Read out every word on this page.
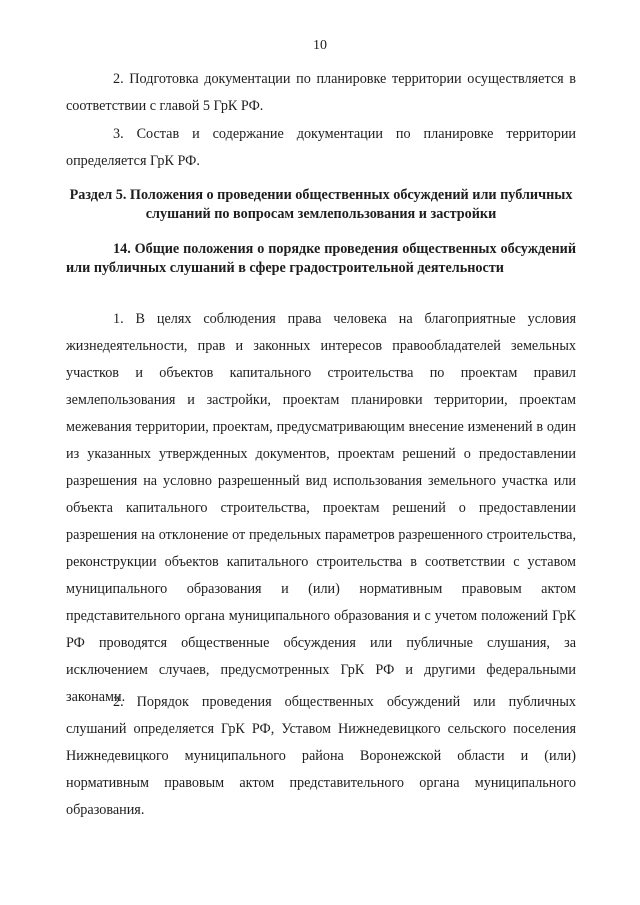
10

2. Подготовка документации по планировке территории осуществляется в соответствии с главой 5 ГрК РФ.

3. Состав и содержание документации по планировке территории определяется ГрК РФ.

Раздел 5. Положения о проведении общественных обсуждений или публичных слушаний по вопросам землепользования и застройки

14. Общие положения о порядке проведения общественных обсуждений или публичных слушаний в сфере градостроительной деятельности

1. В целях соблюдения права человека на благоприятные условия жизнедеятельности, прав и законных интересов правообладателей земельных участков и объектов капитального строительства по проектам правил землепользования и застройки, проектам планировки территории, проектам межевания территории, проектам, предусматривающим внесение изменений в один из указанных утвержденных документов, проектам решений о предоставлении разрешения на условно разрешенный вид использования земельного участка или объекта капитального строительства, проектам решений о предоставлении разрешения на отклонение от предельных параметров разрешенного строительства, реконструкции объектов капитального строительства в соответствии с уставом муниципального образования и (или) нормативным правовым актом представительного органа муниципального образования и с учетом положений ГрК РФ проводятся общественные обсуждения или публичные слушания, за исключением случаев, предусмотренных ГрК РФ и другими федеральными законами.

2. Порядок проведения общественных обсуждений или публичных слушаний определяется ГрК РФ, Уставом Нижнедевицкого сельского поселения Нижнедевицкого муниципального района Воронежской области и (или) нормативным правовым актом представительного органа муниципального образования.
